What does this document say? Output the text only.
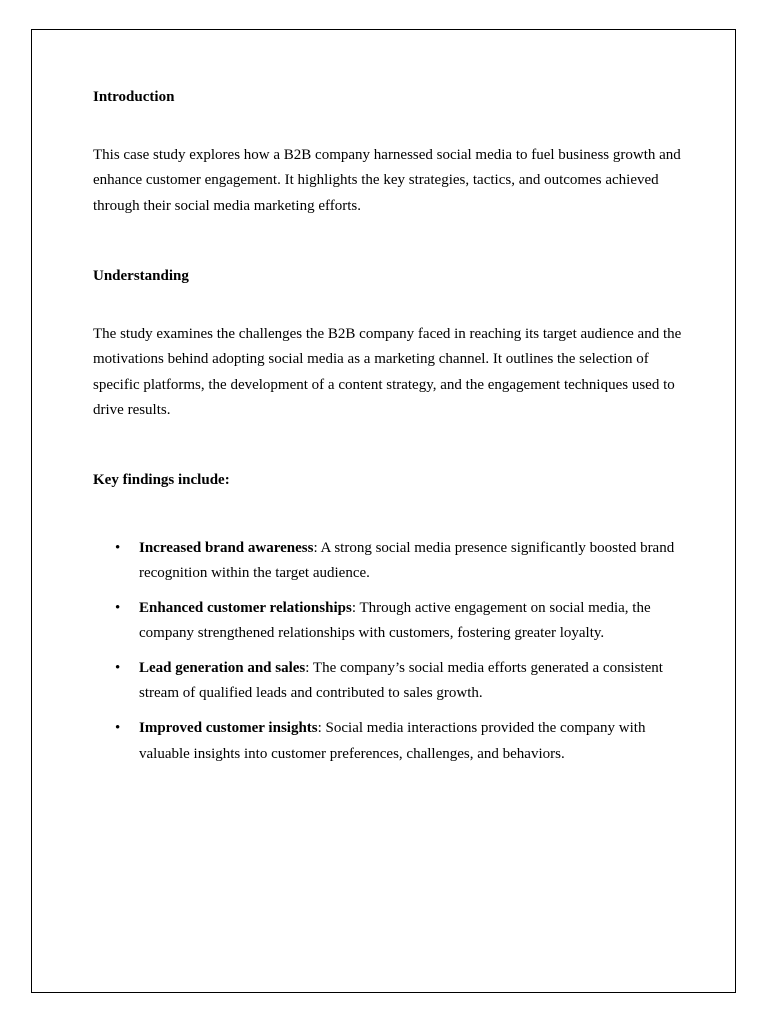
Introduction
This case study explores how a B2B company harnessed social media to fuel business growth and enhance customer engagement. It highlights the key strategies, tactics, and outcomes achieved through their social media marketing efforts.
Understanding
The study examines the challenges the B2B company faced in reaching its target audience and the motivations behind adopting social media as a marketing channel. It outlines the selection of specific platforms, the development of a content strategy, and the engagement techniques used to drive results.
Key findings include:
• Increased brand awareness: A strong social media presence significantly boosted brand recognition within the target audience.
• Enhanced customer relationships: Through active engagement on social media, the company strengthened relationships with customers, fostering greater loyalty.
• Lead generation and sales: The company’s social media efforts generated a consistent stream of qualified leads and contributed to sales growth.
• Improved customer insights: Social media interactions provided the company with valuable insights into customer preferences, challenges, and behaviors.
